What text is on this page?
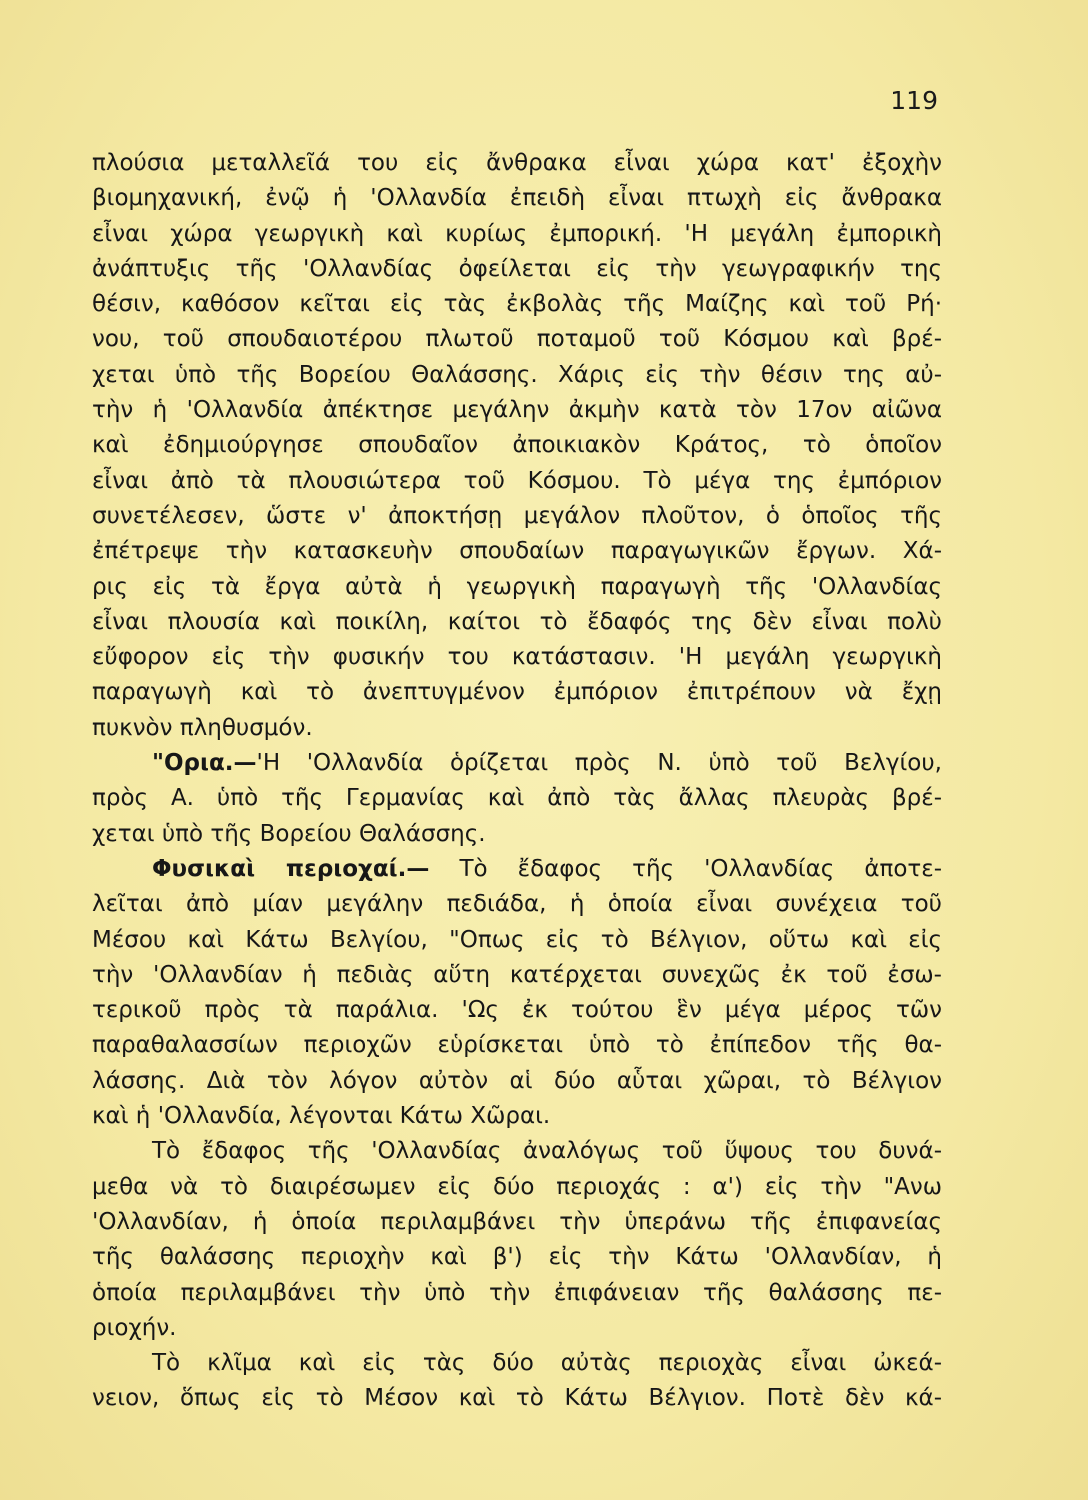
119
πλούσια μεταλλεῖά του εἰς ἄνθρακα εἶναι χώρα κατ' ἐξοχὴν
βιομηχανική, ἐνῷ ἡ 'Ολλανδία ἐπειδὴ εἶναι πτωχὴ εἰς ἄνθρακα
εἶναι χώρα γεωργικὴ καὶ κυρίως ἐμπορική. 'Η μεγάλη ἐμπορικὴ
ἀνάπτυξις τῆς 'Ολλανδίας ὀφείλεται εἰς τὴν γεωγραφικήν της
θέσιν, καθόσον κεῖται εἰς τὰς ἐκβολὰς τῆς Μαίζης καὶ τοῦ Ρή·
νου, τοῦ σπουδαιοτέρου πλωτοῦ ποταμοῦ τοῦ Κόσμου καὶ βρέ-
χεται ὑπὸ τῆς Βορείου Θαλάσσης. Χάρις εἰς τὴν θέσιν της αὐ-
τὴν ἡ 'Ολλανδία ἀπέκτησε μεγάλην ἀκμὴν κατὰ τὸν 17ον αἰῶνα
καὶ ἐδημιούργησε σπουδαῖον ἀποικιακὸν Κράτος, τὸ ὁποῖον
εἶναι ἀπὸ τὰ πλουσιώτερα τοῦ Κόσμου. Τὸ μέγα της ἐμπόριον
συνετέλεσεν, ὥστε ν' ἀποκτήσῃ μεγάλον πλοῦτον, ὁ ὁποῖος τῆς
ἐπέτρεψε τὴν κατασκευὴν σπουδαίων παραγωγικῶν ἔργων. Χά-
ρις εἰς τὰ ἔργα αὐτὰ ἡ γεωργικὴ παραγωγὴ τῆς 'Ολλανδίας
εἶναι πλουσία καὶ ποικίλη, καίτοι τὸ ἔδαφός της δὲν εἶναι πολὺ
εὔφορον εἰς τὴν φυσικήν του κατάστασιν. 'Η μεγάλη γεωργικὴ
παραγωγὴ καὶ τὸ ἀνεπτυγμένον ἐμπόριον ἐπιτρέπουν νὰ ἔχῃ
πυκνὸν πληθυσμόν.
"Ορια.—'Η 'Ολλανδία ὁρίζεται πρὸς Ν. ὑπὸ τοῦ Βελγίου,
πρὸς Α. ὑπὸ τῆς Γερμανίας καὶ ἀπὸ τὰς ἄλλας πλευρὰς βρέ-
χεται ὑπὸ τῆς Βορείου Θαλάσσης.
Φυσικαὶ περιοχαί.— Τὸ ἔδαφος τῆς 'Ολλανδίας ἀποτε-
λεῖται ἀπὸ μίαν μεγάλην πεδιάδα, ἡ ὁποία εἶναι συνέχεια τοῦ
Μέσου καὶ Κάτω Βελγίου, "Οπως εἰς τὸ Βέλγιον, οὕτω καὶ εἰς
τὴν 'Ολλανδίαν ἡ πεδιὰς αὕτη κατέρχεται συνεχῶς ἐκ τοῦ ἐσω-
τερικοῦ πρὸς τὰ παράλια. 'Ως ἐκ τούτου ἓν μέγα μέρος τῶν
παραθαλασσίων περιοχῶν εὑρίσκεται ὑπὸ τὸ ἐπίπεδον τῆς θα-
λάσσης. Διὰ τὸν λόγον αὐτὸν αἱ δύο αὗται χῶραι, τὸ Βέλγιον
καὶ ἡ 'Ολλανδία, λέγονται Κάτω Χῶραι.
Τὸ ἔδαφος τῆς 'Ολλανδίας ἀναλόγως τοῦ ὕψους του δυνά-
μεθα νὰ τὸ διαιρέσωμεν εἰς δύο περιοχάς : α') εἰς τὴν "Ανω
'Ολλανδίαν, ἡ ὁποία περιλαμβάνει τὴν ὑπεράνω τῆς ἐπιφανείας
τῆς θαλάσσης περιοχὴν καὶ β') εἰς τὴν Κάτω 'Ολλανδίαν, ἡ
ὁποία περιλαμβάνει τὴν ὑπὸ τὴν ἐπιφάνειαν τῆς θαλάσσης πε-
ριοχήν.
Τὸ κλῖμα καὶ εἰς τὰς δύο αὐτὰς περιοχὰς εἶναι ὠκεά-
νειον, ὅπως εἰς τὸ Μέσον καὶ τὸ Κάτω Βέλγιον. Ποτὲ δὲν κά-
